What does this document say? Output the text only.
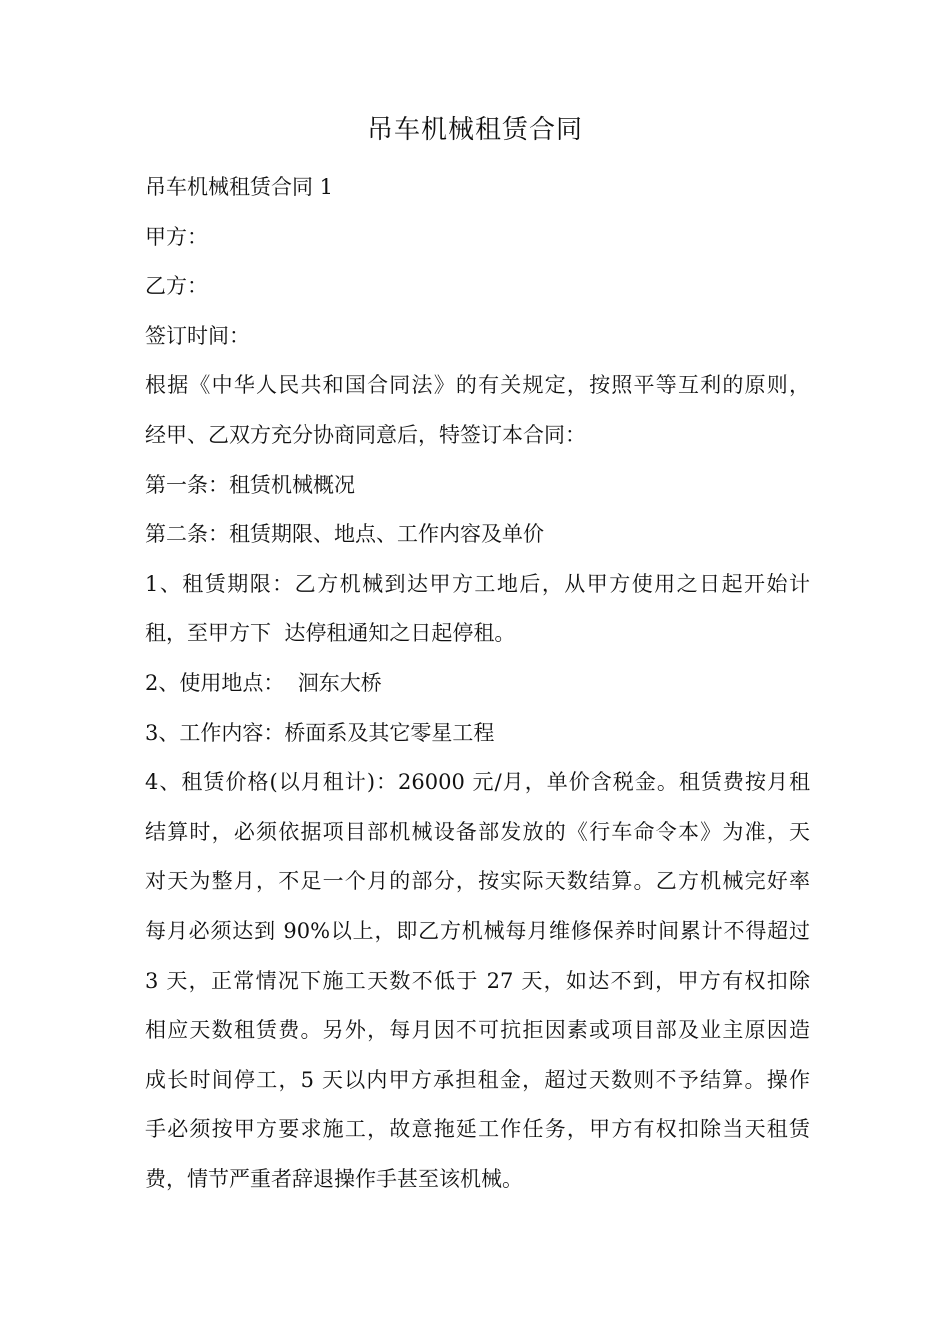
吊车机械租赁合同
吊车机械租赁合同 1
甲方：
乙方：
签订时间：
根据《中华人民共和国合同法》的有关规定，按照平等互利的原则，
经甲、乙双方充分协商同意后，特签订本合同：
第一条：租赁机械概况
第二条：租赁期限、地点、工作内容及单价
1、租赁期限：乙方机械到达甲方工地后，从甲方使用之日起开始计
租，至甲方下  达停租通知之日起停租。
2、使用地点：  洄东大桥
3、工作内容：桥面系及其它零星工程
4、租赁价格(以月租计)：26000 元/月，单价含税金。租赁费按月租
结算时，必须依据项目部机械设备部发放的《行车命令本》为准，天
对天为整月，不足一个月的部分，按实际天数结算。乙方机械完好率
每月必须达到 90%以上，即乙方机械每月维修保养时间累计不得超过
3 天，正常情况下施工天数不低于 27 天，如达不到，甲方有权扣除
相应天数租赁费。另外，每月因不可抗拒因素或项目部及业主原因造
成长时间停工，5 天以内甲方承担租金，超过天数则不予结算。操作
手必须按甲方要求施工，故意拖延工作任务，甲方有权扣除当天租赁
费，情节严重者辞退操作手甚至该机械。
